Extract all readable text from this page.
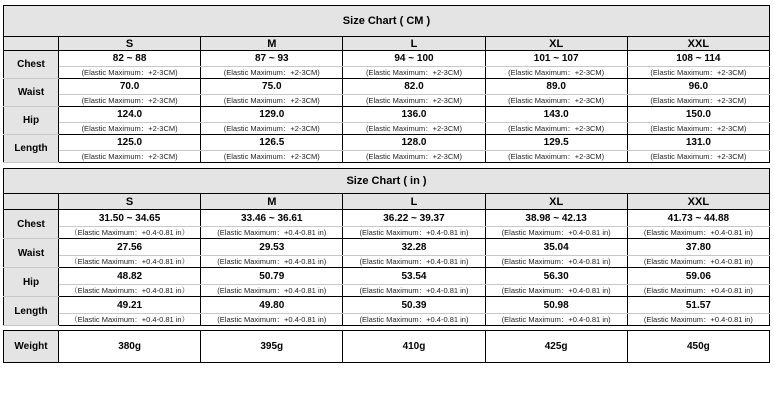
Size Chart ( CM )					
	S	M	L	XL	XXL
Chest	82 ~ 88	87 ~ 93	94 ~ 100	101 ~ 107	108 ~ 114
	(Elastic Maximum：+2-3CM)	(Elastic Maximum：+2-3CM)	(Elastic Maximum：+2-3CM)	(Elastic Maximum：+2-3CM)	(Elastic Maximum：+2-3CM)
Waist	70.0	75.0	82.0	89.0	96.0
	(Elastic Maximum：+2-3CM)	(Elastic Maximum：+2-3CM)	(Elastic Maximum：+2-3CM)	(Elastic Maximum：+2-3CM)	(Elastic Maximum：+2-3CM)
Hip	124.0	129.0	136.0	143.0	150.0
	(Elastic Maximum：+2-3CM)	(Elastic Maximum：+2-3CM)	(Elastic Maximum：+2-3CM)	(Elastic Maximum：+2-3CM)	(Elastic Maximum：+2-3CM)
Length	125.0	126.5	128.0	129.5	131.0
	(Elastic Maximum：+2-3CM)	(Elastic Maximum：+2-3CM)	(Elastic Maximum：+2-3CM)	(Elastic Maximum：+2-3CM)	(Elastic Maximum：+2-3CM)
Size Chart ( in )					
	S	M	L	XL	XXL
Chest	31.50 ~ 34.65	33.46 ~ 36.61	36.22 ~ 39.37	38.98 ~ 42.13	41.73 ~ 44.88
	（Elastic Maximum：+0.4-0.81 in）	(Elastic Maximum：+0.4-0.81 in)	(Elastic Maximum：+0.4-0.81 in)	(Elastic Maximum：+0.4-0.81 in)	(Elastic Maximum：+0.4-0.81 in)
Waist	27.56	29.53	32.28	35.04	37.80
	（Elastic Maximum：+0.4-0.81 in）	(Elastic Maximum：+0.4-0.81 in)	(Elastic Maximum：+0.4-0.81 in)	(Elastic Maximum：+0.4-0.81 in)	(Elastic Maximum：+0.4-0.81 in)
Hip	48.82	50.79	53.54	56.30	59.06
	（Elastic Maximum：+0.4-0.81 in）	(Elastic Maximum：+0.4-0.81 in)	(Elastic Maximum：+0.4-0.81 in)	(Elastic Maximum：+0.4-0.81 in)	(Elastic Maximum：+0.4-0.81 in)
Length	49.21	49.80	50.39	50.98	51.57
	（Elastic Maximum：+0.4-0.81 in）	(Elastic Maximum：+0.4-0.81 in)	(Elastic Maximum：+0.4-0.81 in)	(Elastic Maximum：+0.4-0.81 in)	(Elastic Maximum：+0.4-0.81 in)
Weight	380g	395g	410g	425g	450g
